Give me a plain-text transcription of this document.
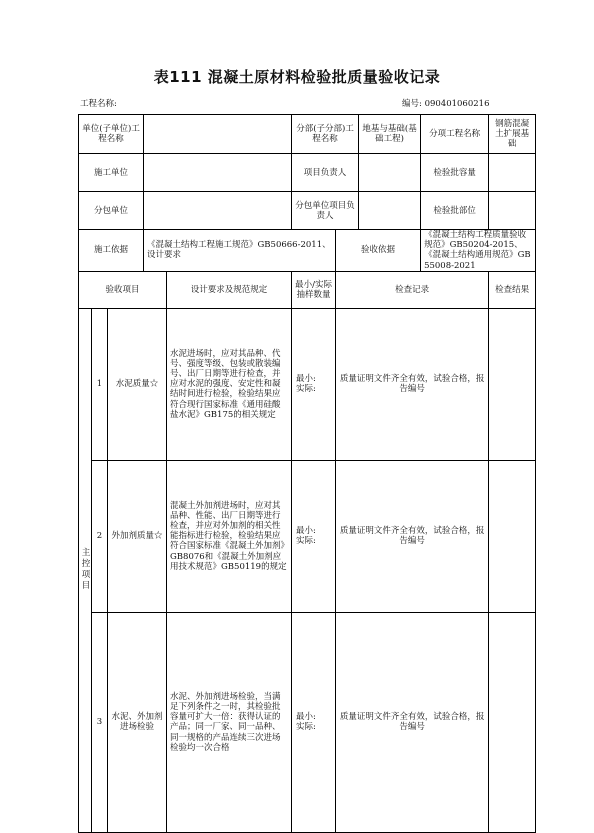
表111 混凝土原材料检验批质量验收记录
工程名称:	编号: 090401060216
单位(子单位)工程名称					分部(子分部)工程名称		地基与基础(基础工程)	分项工程名称	钢筋混凝土扩展基础
施工单位					项目负责人			检验批容量	
分包单位					分包单位项目负责人			检验批部位	
施工依据			《混凝土结构工程施工规范》GB50666-2011、设计要求			验收依据		《混凝土结构工程质量验收规范》GB50204-2015、《混凝土结构通用规范》GB 55008-2021	
验收项目				设计要求及规范规定	最小/实际抽样数量	检查记录			检查结果
主控项目	1	水泥质量☆		水泥进场时，应对其品种、代号、强度等级、包装或散装编号、出厂日期等进行检查，并应对水泥的强度、安定性和凝结时间进行检验，检验结果应符合现行国家标准《通用硅酸盐水泥》GB175的相关规定	最小:
实际:	质量证明文件齐全有效，试验合格，报告编号			
	2	外加剂质量☆		混凝土外加剂进场时，应对其品种、性能、出厂日期等进行检查，并应对外加剂的相关性能指标进行检验，检验结果应符合国家标准《混凝土外加剂》GB8076和《混凝土外加剂应用技术规范》GB50119的规定	最小:
实际:	质量证明文件齐全有效，试验合格，报告编号			
	3	水泥、外加剂进场检验		水泥、外加剂进场检验，当满足下列条件之一时，其检验批容量可扩大一倍：获得认证的产品；同一厂家、同一品种、同一规格的产品连续三次进场检验均一次合格	最小:
实际:	质量证明文件齐全有效，试验合格，报告编号			
